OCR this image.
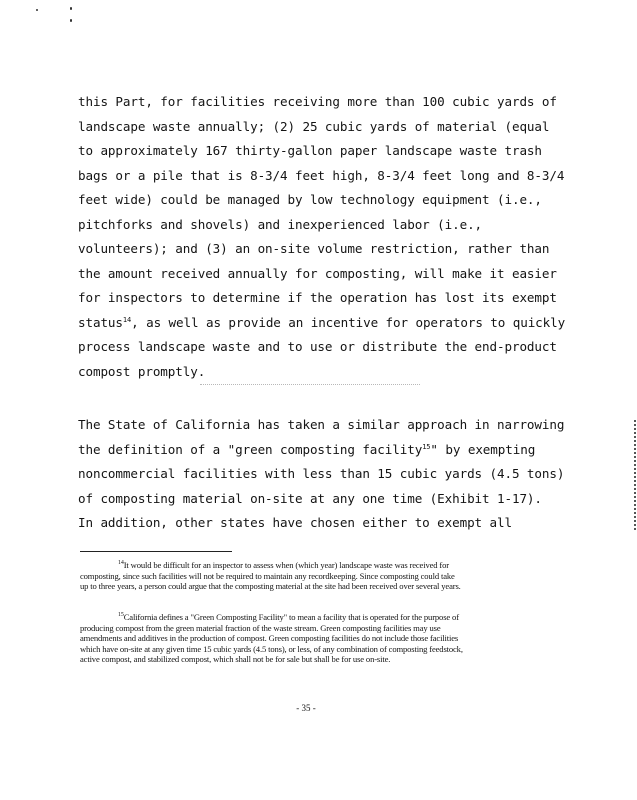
this Part, for facilities receiving more than 100 cubic yards of
landscape waste annually; (2) 25 cubic yards of material (equal
to approximately 167 thirty-gallon paper landscape waste trash
bags or a pile that is 8-3/4 feet high, 8-3/4 feet long and 8-3/4
feet wide) could be managed by low technology equipment (i.e.,
pitchforks and shovels) and inexperienced labor (i.e.,
volunteers); and (3) an on-site volume restriction, rather than
the amount received annually for composting, will make it easier
for inspectors to determine if the operation has lost its exempt
status$^{14}$, as well as provide an incentive for operators to quickly
process landscape waste and to use or distribute the end-product
compost promptly.
The State of California has taken a similar approach in narrowing
the definition of a "green composting facility$^{15}$" by exempting
noncommercial facilities with less than 15 cubic yards (4.5 tons)
of composting material on-site at any one time (Exhibit 1-17).
In addition, other states have chosen either to exempt all
$^{14}$It would be difficult for an inspector to assess when (which year) landscape waste was received for
composting, since such facilities will not be required to maintain any recordkeeping. Since composting could take
up to three years, a person could argue that the composting material at the site had been received over several years.
$^{15}$California defines a "Green Composting Facility" to mean a facility that is operated for the purpose of
producing compost from the green material fraction of the waste stream. Green composting facilities may use
amendments and additives in the production of compost. Green composting facilities do not include those facilities
which have on-site at any given time 15 cubic yards (4.5 tons), or less, of any combination of composting feedstock,
active compost, and stabilized compost, which shall not be for sale but shall be for use on-site.
- 35 -
